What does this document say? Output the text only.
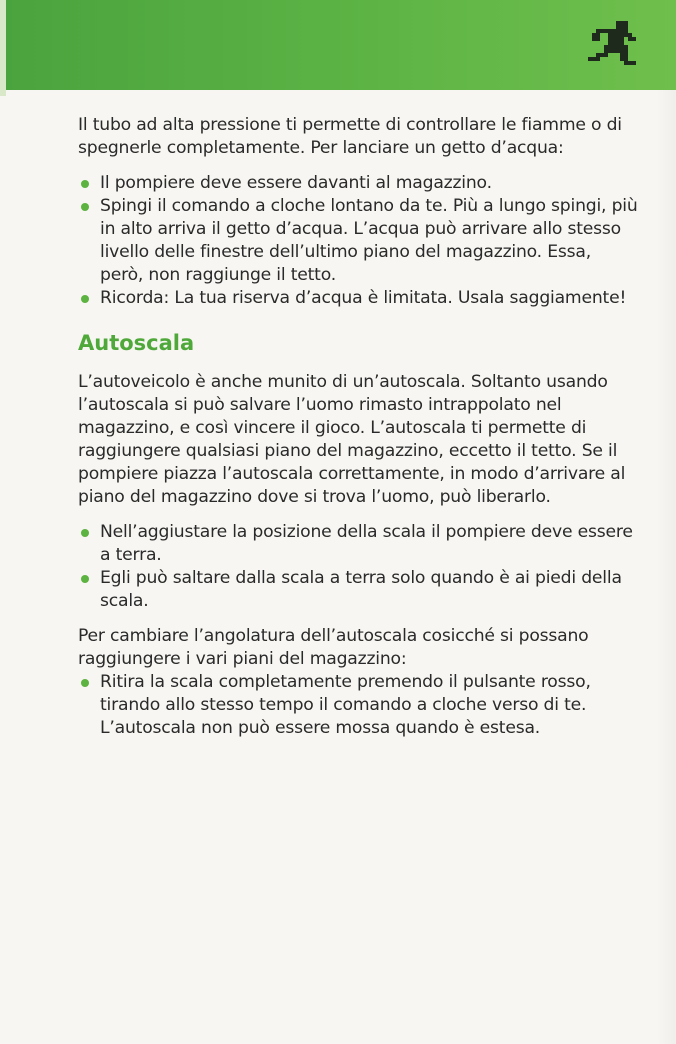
Il tubo ad alta pressione ti permette di controllare le fiamme o di spegnerle completamente. Per lanciare un getto d’acqua:

Il pompiere deve essere davanti al magazzino.
Spingi il comando a cloche lontano da te. Più a lungo spingi, più in alto arriva il getto d’acqua. L’acqua può arrivare allo stesso livello delle finestre dell’ultimo piano del magazzino. Essa, però, non raggiunge il tetto.
Ricorda: La tua riserva d’acqua è limitata. Usala saggiamente!
Autoscala

L’autoveicolo è anche munito di un’autoscala. Soltanto usando l’autoscala si può salvare l’uomo rimasto intrappolato nel magazzino, e così vincere il gioco. L’autoscala ti permette di raggiungere qualsiasi piano del magazzino, eccetto il tetto. Se il pompiere piazza l’autoscala correttamente, in modo d’arrivare al piano del magazzino dove si trova l’uomo, può liberarlo.

Nell’aggiustare la posizione della scala il pompiere deve essere a terra.
Egli può saltare dalla scala a terra solo quando è ai piedi della scala.

Per cambiare l’angolatura dell’autoscala cosicché si possano raggiungere i vari piani del magazzino:

Ritira la scala completamente premendo il pulsante rosso, tirando allo stesso tempo il comando a cloche verso di te. L’autoscala non può essere mossa quando è estesa.
